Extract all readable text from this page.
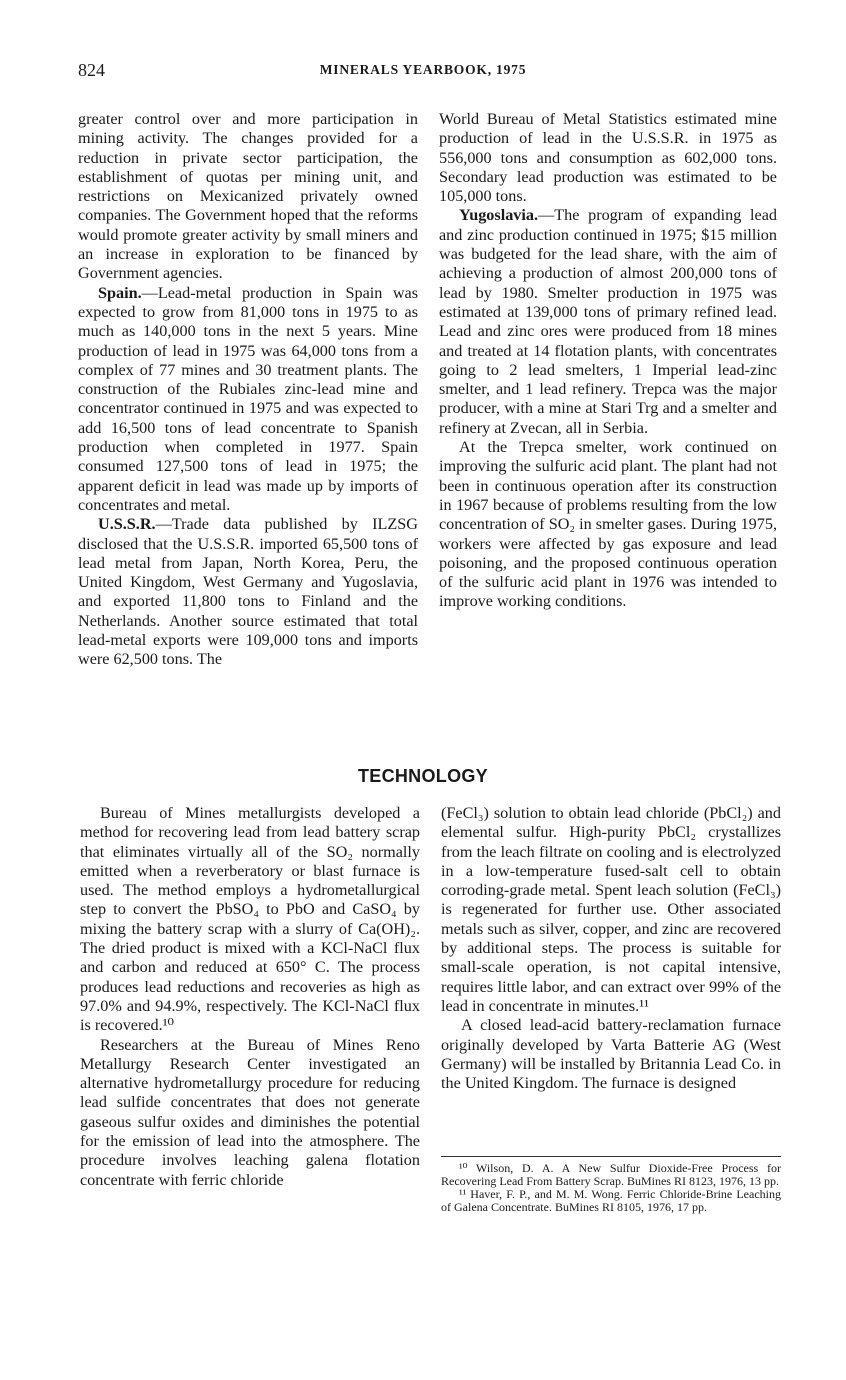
824	MINERALS YEARBOOK, 1975

greater control over and more participation in mining activity. The changes provided for a reduction in private sector participation, the establishment of quotas per mining unit, and restrictions on Mexicanized privately owned companies. The Government hoped that the reforms would promote greater activity by small miners and an increase in exploration to be financed by Government agencies.

Spain.—Lead-metal production in Spain was expected to grow from 81,000 tons in 1975 to as much as 140,000 tons in the next 5 years. Mine production of lead in 1975 was 64,000 tons from a complex of 77 mines and 30 treatment plants. The construction of the Rubiales zinc-lead mine and concentrator continued in 1975 and was expected to add 16,500 tons of lead concentrate to Spanish production when completed in 1977. Spain consumed 127,500 tons of lead in 1975; the apparent deficit in lead was made up by imports of concentrates and metal.

U.S.S.R.—Trade data published by ILZSG disclosed that the U.S.S.R. imported 65,500 tons of lead metal from Japan, North Korea, Peru, the United Kingdom, West Germany and Yugoslavia, and exported 11,800 tons to Finland and the Netherlands. Another source estimated that total lead-metal exports were 109,000 tons and imports were 62,500 tons. The

World Bureau of Metal Statistics estimated mine production of lead in the U.S.S.R. in 1975 as 556,000 tons and consumption as 602,000 tons. Secondary lead production was estimated to be 105,000 tons.

Yugoslavia.—The program of expanding lead and zinc production continued in 1975; $15 million was budgeted for the lead share, with the aim of achieving a production of almost 200,000 tons of lead by 1980. Smelter production in 1975 was estimated at 139,000 tons of primary refined lead. Lead and zinc ores were produced from 18 mines and treated at 14 flotation plants, with concentrates going to 2 lead smelters, 1 Imperial lead-zinc smelter, and 1 lead refinery. Trepca was the major producer, with a mine at Stari Trg and a smelter and refinery at Zvecan, all in Serbia.

At the Trepca smelter, work continued on improving the sulfuric acid plant. The plant had not been in continuous operation after its construction in 1967 because of problems resulting from the low concentration of SO₂ in smelter gases. During 1975, workers were affected by gas exposure and lead poisoning, and the proposed continuous operation of the sulfuric acid plant in 1976 was intended to improve working conditions.

TECHNOLOGY

Bureau of Mines metallurgists developed a method for recovering lead from lead battery scrap that eliminates virtually all of the SO₂ normally emitted when a reverberatory or blast furnace is used. The method employs a hydrometallurgical step to convert the PbSO₄ to PbO and CaSO₄ by mixing the battery scrap with a slurry of Ca(OH)₂. The dried product is mixed with a KCl-NaCl flux and carbon and reduced at 650° C. The process produces lead reductions and recoveries as high as 97.0% and 94.9%, respectively. The KCl-NaCl flux is recovered.¹⁰

Researchers at the Bureau of Mines Reno Metallurgy Research Center investigated an alternative hydrometallurgy procedure for reducing lead sulfide concentrates that does not generate gaseous sulfur oxides and diminishes the potential for the emission of lead into the atmosphere. The procedure involves leaching galena flotation concentrate with ferric chloride

(FeCl₃) solution to obtain lead chloride (PbCl₂) and elemental sulfur. High-purity PbCl₂ crystallizes from the leach filtrate on cooling and is electrolyzed in a low-temperature fused-salt cell to obtain corroding-grade metal. Spent leach solution (FeCl₃) is regenerated for further use. Other associated metals such as silver, copper, and zinc are recovered by additional steps. The process is suitable for small-scale operation, is not capital intensive, requires little labor, and can extract over 99% of the lead in concentrate in minutes.¹¹

A closed lead-acid battery-reclamation furnace originally developed by Varta Batterie AG (West Germany) will be installed by Britannia Lead Co. in the United Kingdom. The furnace is designed

¹⁰ Wilson, D. A. A New Sulfur Dioxide-Free Process for Recovering Lead From Battery Scrap. BuMines RI 8123, 1976, 13 pp.

¹¹ Haver, F. P., and M. M. Wong. Ferric Chloride-Brine Leaching of Galena Concentrate. BuMines RI 8105, 1976, 17 pp.
